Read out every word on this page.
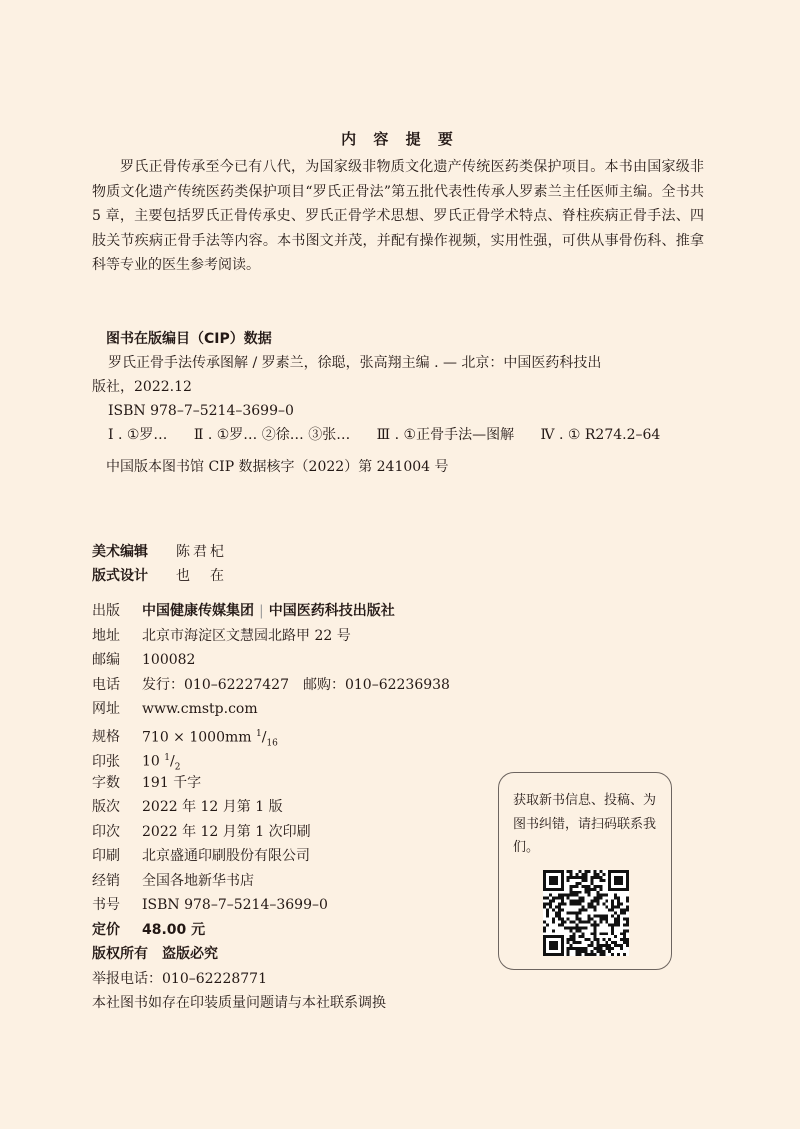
内 容 提 要

罗氏正骨传承至今已有八代，为国家级非物质文化遗产传统医药类保护项目。本书由国家级非物质文化遗产传统医药类保护项目“罗氏正骨法”第五批代表性传承人罗素兰主任医师主编。全书共 5 章，主要包括罗氏正骨传承史、罗氏正骨学术思想、罗氏正骨学术特点、脊柱疾病正骨手法、四肢关节疾病正骨手法等内容。本书图文并茂，并配有操作视频，实用性强，可供从事骨伤科、推拿科等专业的医生参考阅读。

图书在版编目（CIP）数据
罗氏正骨手法传承图解 / 罗素兰，徐聪，张高翔主编 . — 北京：中国医药科技出
版社，2022.12
ISBN 978–7–5214–3699–0
Ⅰ . ①罗… Ⅱ . ①罗… ②徐… ③张… Ⅲ . ①正骨手法—图解 Ⅳ . ① R274.2–64
中国版本图书馆 CIP 数据核字（2022）第 241004 号
美术编辑 陈君杞
版式设计 也　在
出版 中国健康传媒集团 | 中国医药科技出版社
地址 北京市海淀区文慧园北路甲 22 号
邮编 100082
电话 发行：010–62227427　邮购：010–62236938
网址 www.cmstp.com
规格 710 × 1000mm $^1/_{16}$
印张 10 $^1/_2$
字数 191 千字
版次 2022 年 12 月第 1 版
印次 2022 年 12 月第 1 次印刷
印刷 北京盛通印刷股份有限公司
经销 全国各地新华书店
书号 ISBN 978–7–5214–3699–0
定价 48.00 元
版权所有　 盗版必究
举报电话：010–62228771
本社图书如存在印装质量问题请与本社联系调换
获取新书信息、投稿、为图书纠错，请扫码联系我们。
